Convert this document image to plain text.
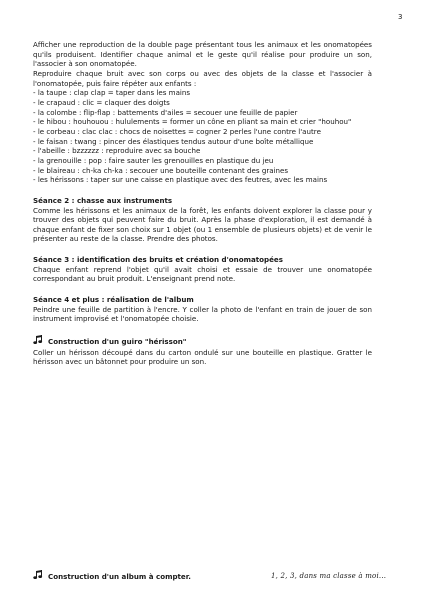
3

Afficher une reproduction de la double page présentant tous les animaux et les onomatopées qu'ils produisent. Identifier chaque animal et le geste qu'il réalise pour produire un son, l'associer à son onomatopée.

Reproduire chaque bruit avec son corps ou avec des objets de la classe et l'associer à l'onomatopée, puis faire répéter aux enfants :

- la taupe : clap clap = taper dans les mains

- le crapaud : clic = claquer des doigts

- la colombe : flip-flap : battements d'ailes = secouer une feuille de papier

- le hibou : houhouou : hululements = former un cône en pliant sa main et crier "houhou"

- le corbeau : clac clac : chocs de noisettes = cogner 2 perles l'une contre l'autre

- le faisan : twang : pincer des élastiques tendus autour d'une boîte métallique

- l'abeille : bzzzzzz : reproduire avec sa bouche

- la grenouille : pop : faire sauter les grenouilles en plastique du jeu

- le blaireau : ch-ka ch-ka : secouer une bouteille contenant des graines

- les hérissons : taper sur une caisse en plastique avec des feutres, avec les mains

Séance 2 : chasse aux instruments

Comme les hérissons et les animaux de la forêt, les enfants doivent explorer la classe pour y trouver des objets qui peuvent faire du bruit. Après la phase d'exploration, il est demandé à chaque enfant de fixer son choix sur 1 objet (ou 1 ensemble de plusieurs objets) et de venir le présenter au reste de la classe. Prendre des photos.

Séance 3 : identification des bruits et création d'onomatopées

Chaque enfant reprend l'objet qu'il avait choisi et essaie de trouver une onomatopée correspondant au bruit produit. L'enseignant prend note.

Séance 4 et plus : réalisation de l'album

Peindre une feuille de partition à l'encre. Y coller la photo de l'enfant en train de jouer de son instrument improvisé et l'onomatopée choisie.

Construction d'un guiro "hérisson"

Coller un hérisson découpé dans du carton ondulé sur une bouteille en plastique. Gratter le hérisson avec un bâtonnet pour produire un son.

Construction d'un album à compter.	1, 2, 3, dans ma classe à moi...
